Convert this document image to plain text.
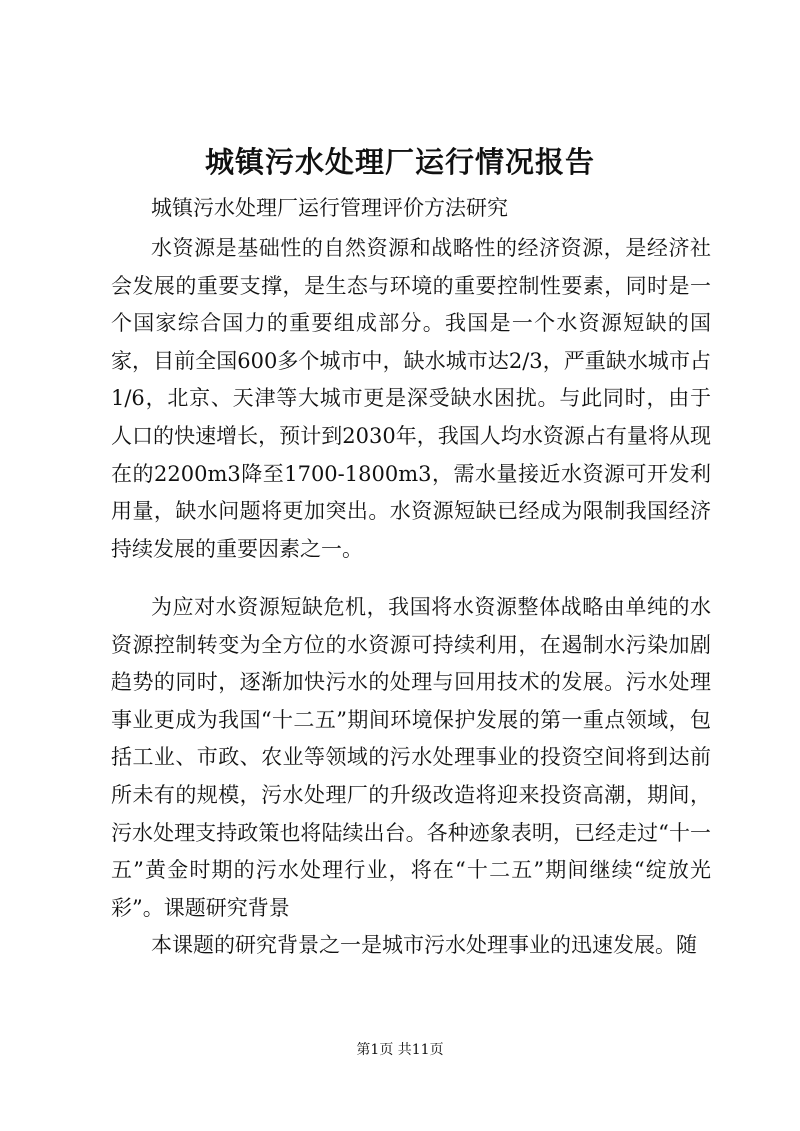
城镇污水处理厂运行情况报告
城镇污水处理厂运行管理评价方法研究

水资源是基础性的自然资源和战略性的经济资源，是经济社会发展的重要支撑，是生态与环境的重要控制性要素，同时是一个国家综合国力的重要组成部分。我国是一个水资源短缺的国家，目前全国600多个城市中，缺水城市达2/3，严重缺水城市占1/6，北京、天津等大城市更是深受缺水困扰。与此同时，由于人口的快速增长，预计到2030年，我国人均水资源占有量将从现在的2200m3降至1700-1800m3，需水量接近水资源可开发利用量，缺水问题将更加突出。水资源短缺已经成为限制我国经济持续发展的重要因素之一。

为应对水资源短缺危机，我国将水资源整体战略由单纯的水资源控制转变为全方位的水资源可持续利用，在遏制水污染加剧趋势的同时，逐渐加快污水的处理与回用技术的发展。污水处理事业更成为我国“十二五”期间环境保护发展的第一重点领域，包括工业、市政、农业等领域的污水处理事业的投资空间将到达前所未有的规模，污水处理厂的升级改造将迎来投资高潮，期间，污水处理支持政策也将陆续出台。各种迹象表明，已经走过“十一五”黄金时期的污水处理行业，将在“十二五”期间继续“绽放光彩”。课题研究背景

本课题的研究背景之一是城市污水处理事业的迅速发展。随

第1页 共11页
